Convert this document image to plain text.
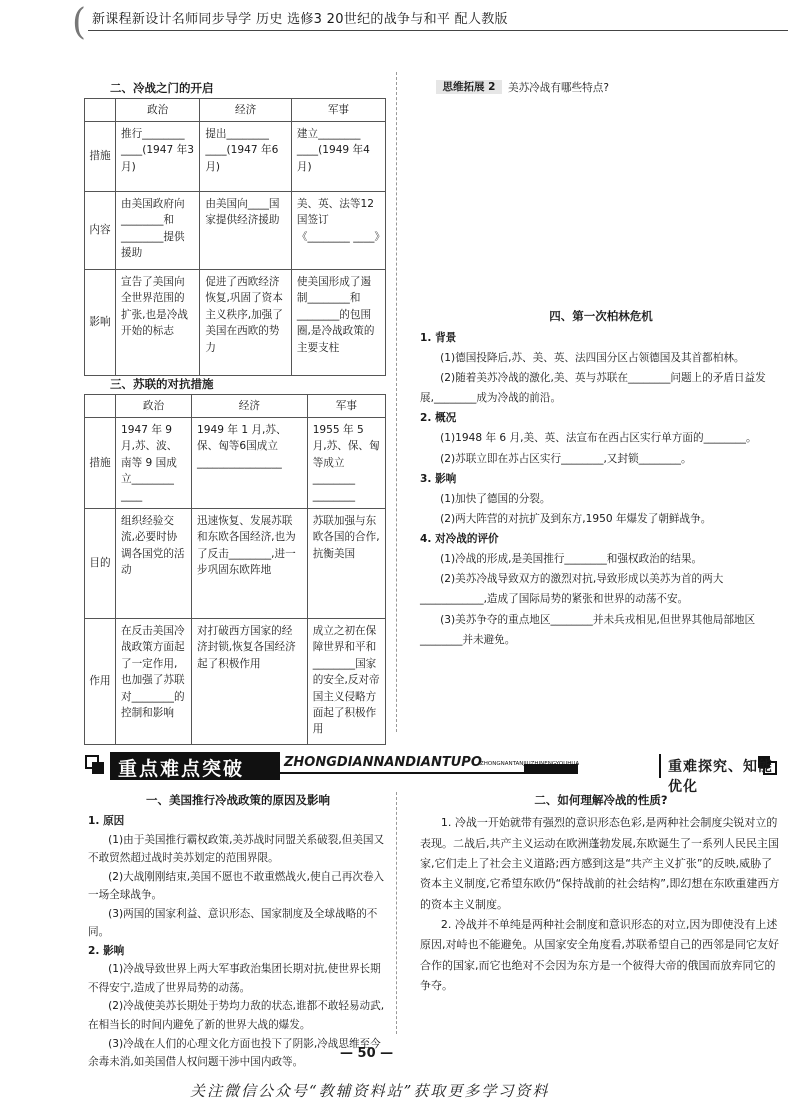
( 新课程新设计名师同步导学 历史 选修3 20世纪的战争与和平 配人教版
二、冷战之门的开启
	政治	经济	军事
措施	推行________ ____(1947 年3月)	提出________ ____(1947 年6月)	建立________ ____(1949 年4月)
内容	由美国政府向________和________提供援助	由美国向____国家提供经济援助	美、英、法等12国签订《________ ____》
影响	宣告了美国向全世界范围的扩张,也是冷战开始的标志	促进了西欧经济恢复,巩固了资本主义秩序,加强了美国在西欧的势力	使美国形成了遏制________和________的包围圈,是冷战政策的主要支柱
三、苏联的对抗措施
	政治	经济	军事
措施	1947 年 9 月,苏、波、南等 9 国成立________ ____	1949 年 1 月,苏、保、匈等6国成立________________	1955 年 5 月,苏、保、匈等成立________ ________
目的	组织经验交流,必要时协调各国党的活动	迅速恢复、发展苏联和东欧各国经济,也为了反击________,进一步巩固东欧阵地	苏联加强与东欧各国的合作,抗衡美国
作用	在反击美国冷战政策方面起了一定作用,也加强了苏联对________的控制和影响	对打破西方国家的经济封锁,恢复各国经济起了积极作用	成立之初在保障世界和平和________国家的安全,反对帝国主义侵略方面起了积极作用
思维拓展 2	美苏冷战有哪些特点?

四、第一次柏林危机

1. 背景

(1)德国投降后,苏、美、英、法四国分区占领德国及其首都柏林。

(2)随着美苏冷战的激化,美、英与苏联在________问题上的矛盾日益发展,________成为冷战的前沿。

2. 概况

(1)1948 年 6 月,美、英、法宣布在西占区实行单方面的________。

(2)苏联立即在苏占区实行________,又封锁________。

3. 影响

(1)加快了德国的分裂。

(2)两大阵营的对抗扩及到东方,1950 年爆发了朝鲜战争。

4. 对冷战的评价

(1)冷战的形成,是美国推行________和强权政治的结果。

(2)美苏冷战导致双方的激烈对抗,导致形成以美苏为首的两大____________,造成了国际局势的紧张和世界的动荡不安。

(3)美苏争夺的重点地区________并未兵戎相见,但世界其他局部地区________并未避免。

重点难点突破	ZHONGDIANNANDIANTUPO
ZHONGNANTANJIUZHINENGYOUHUA	重难探究、知能优化

一、美国推行冷战政策的原因及影响

1. 原因

(1)由于美国推行霸权政策,美苏战时同盟关系破裂,但美国又不敢贸然超过战时美苏划定的范围界限。

(2)大战刚刚结束,美国不愿也不敢重燃战火,使自己再次卷入一场全球战争。

(3)两国的国家利益、意识形态、国家制度及全球战略的不同。

2. 影响

(1)冷战导致世界上两大军事政治集团长期对抗,使世界长期不得安宁,造成了世界局势的动荡。

(2)冷战使美苏长期处于势均力敌的状态,谁都不敢轻易动武,在相当长的时间内避免了新的世界大战的爆发。

(3)冷战在人们的心理文化方面也投下了阴影,冷战思维至今余毒未消,如美国借人权问题干涉中国内政等。

二、如何理解冷战的性质?

1. 冷战一开始就带有强烈的意识形态色彩,是两种社会制度尖锐对立的表现。二战后,共产主义运动在欧洲蓬勃发展,东欧诞生了一系列人民民主国家,它们走上了社会主义道路;西方感到这是“共产主义扩张”的反映,威胁了资本主义制度,它希望东欧仍“保持战前的社会结构”,即幻想在东欧重建西方的资本主义制度。

2. 冷战并不单纯是两种社会制度和意识形态的对立,因为即使没有上述原因,对峙也不能避免。从国家安全角度看,苏联希望自己的西邻是同它友好合作的国家,而它也绝对不会因为东方是一个彼得大帝的俄国而放弃同它的争夺。

— 50 —
关注微信公众号“教辅资料站”获取更多学习资料
